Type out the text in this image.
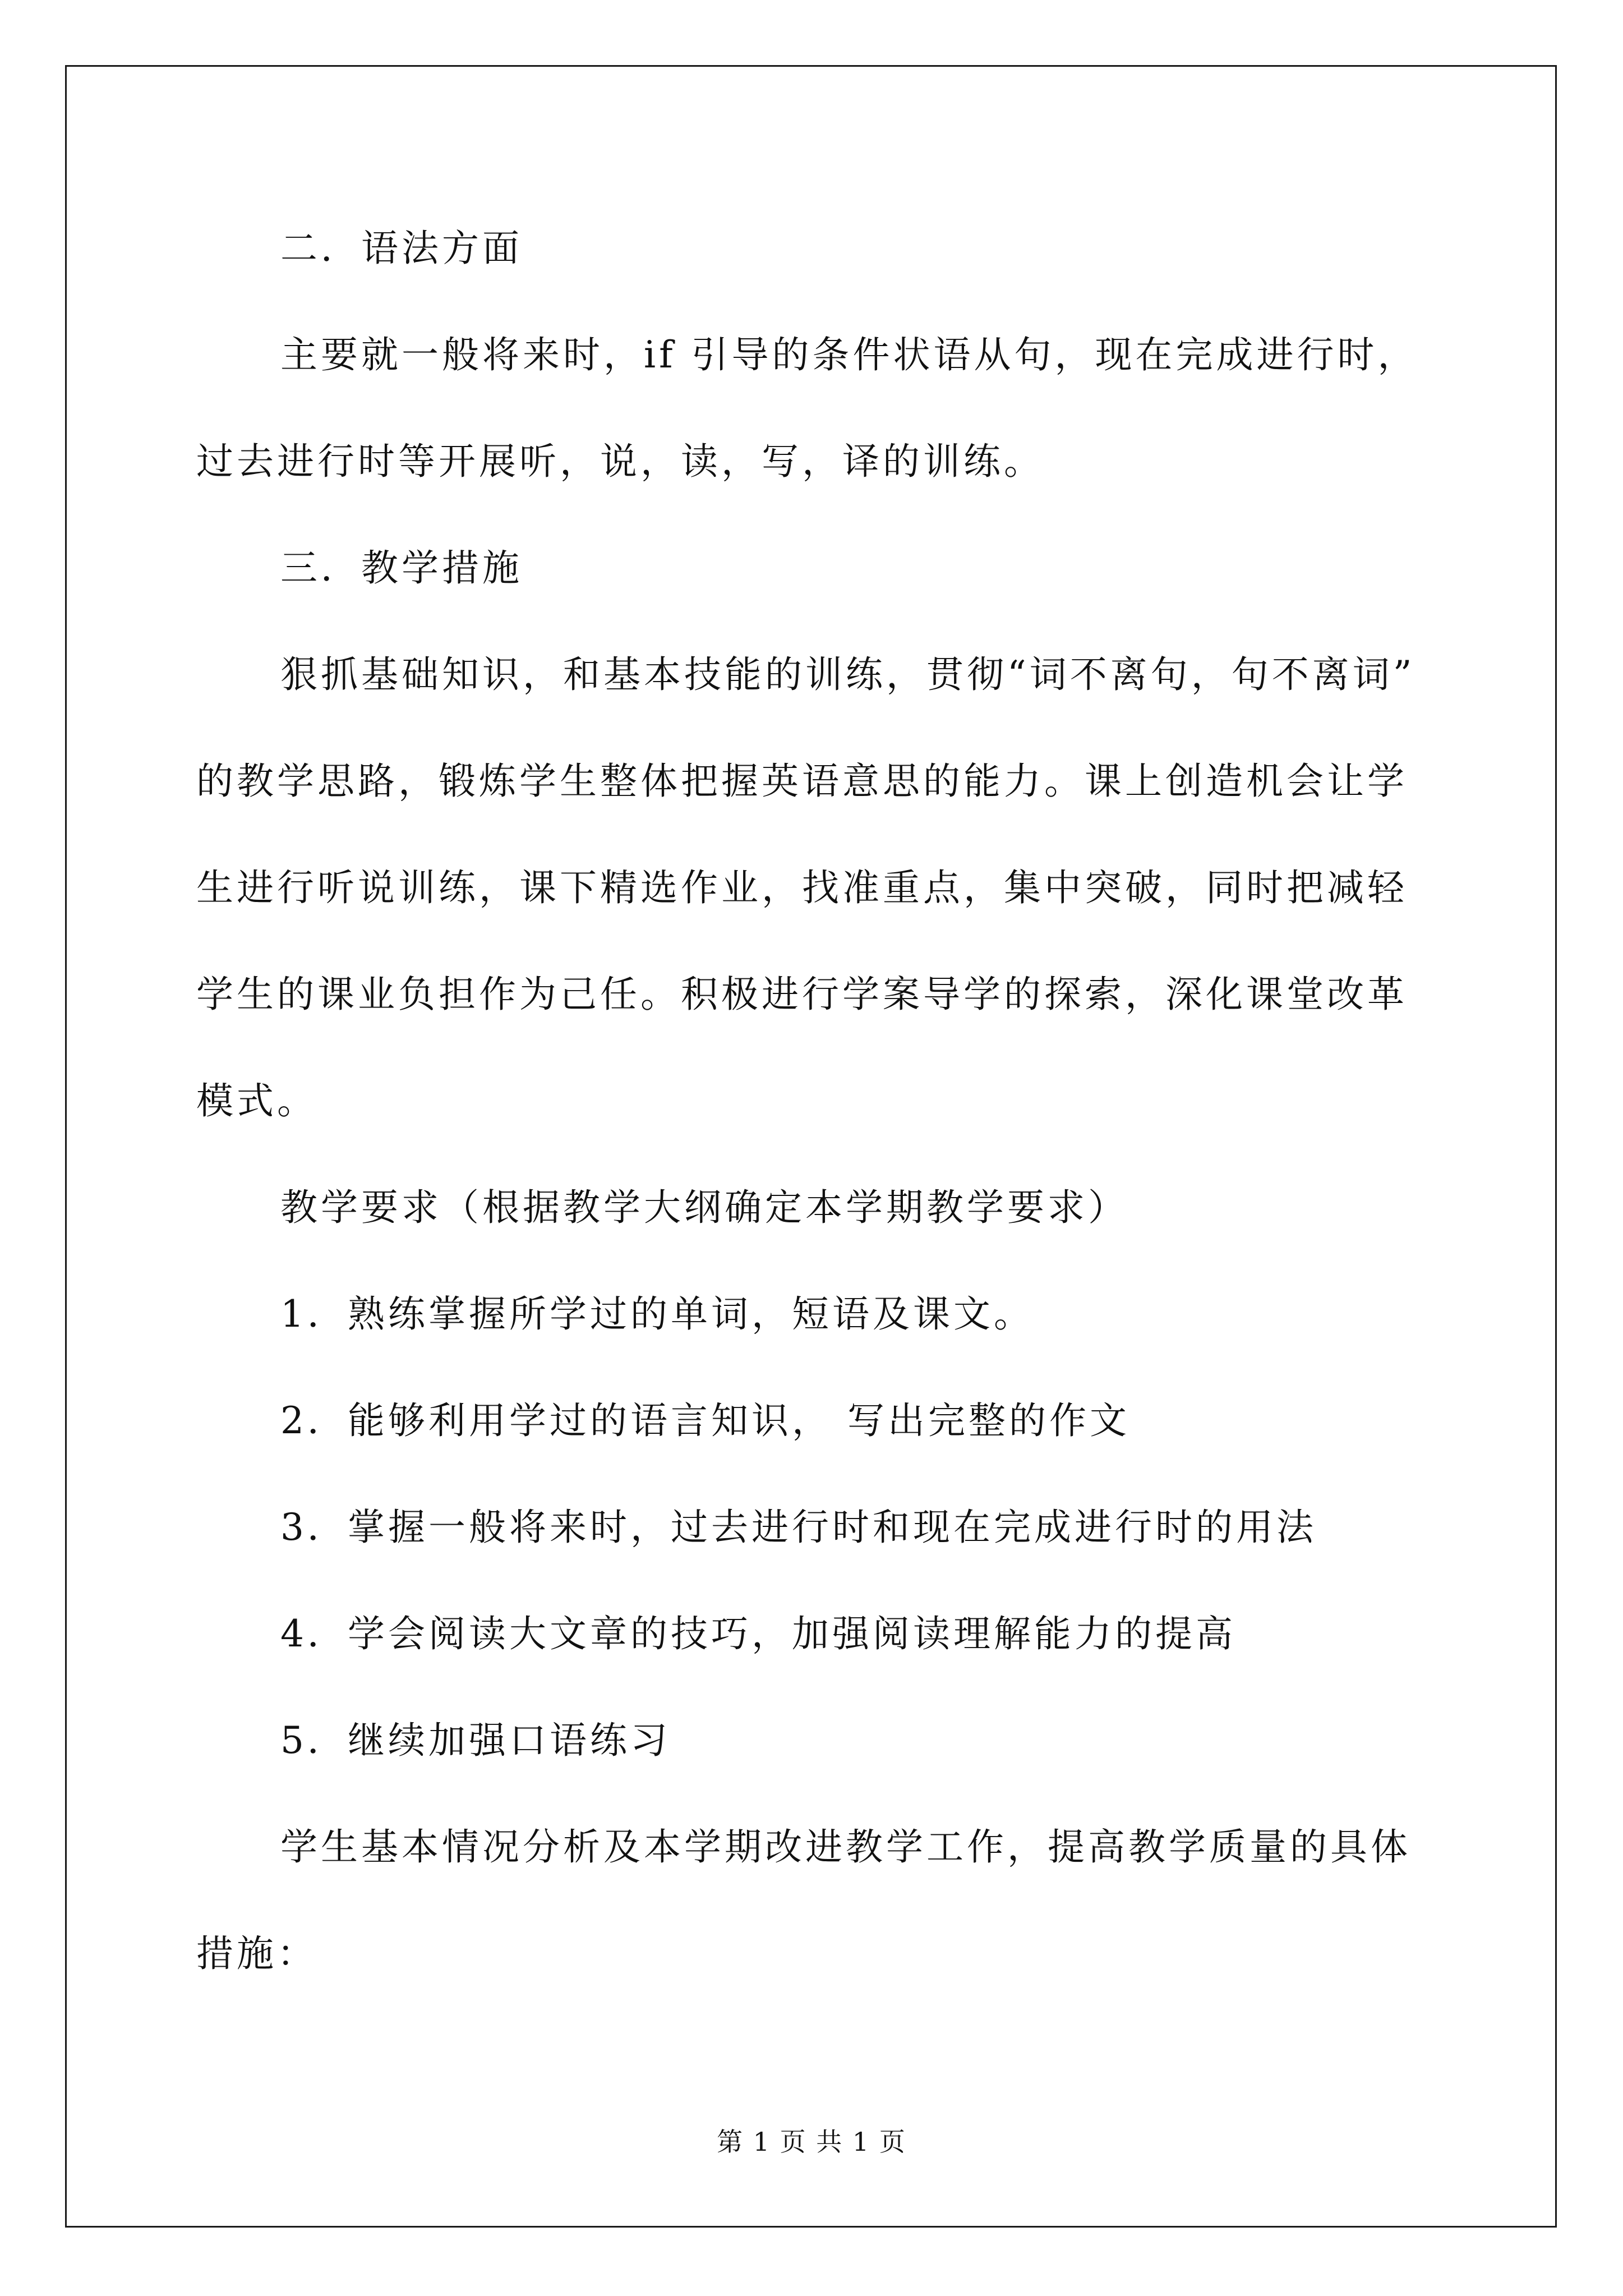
二．语法方面
主要就一般将来时，if 引导的条件状语从句，现在完成进行时，
过去进行时等开展听，说，读，写，译的训练。
三．教学措施
狠抓基础知识，和基本技能的训练，贯彻“词不离句，句不离词”
的教学思路，锻炼学生整体把握英语意思的能力。课上创造机会让学
生进行听说训练，课下精选作业，找准重点，集中突破，同时把减轻
学生的课业负担作为己任。积极进行学案导学的探索，深化课堂改革
模式。
教学要求（根据教学大纲确定本学期教学要求）
1．熟练掌握所学过的单词，短语及课文。
2．能够利用学过的语言知识， 写出完整的作文
3．掌握一般将来时，过去进行时和现在完成进行时的用法
4．学会阅读大文章的技巧，加强阅读理解能力的提高
5．继续加强口语练习
学生基本情况分析及本学期改进教学工作，提高教学质量的具体
措施：
第 1 页 共 1 页
